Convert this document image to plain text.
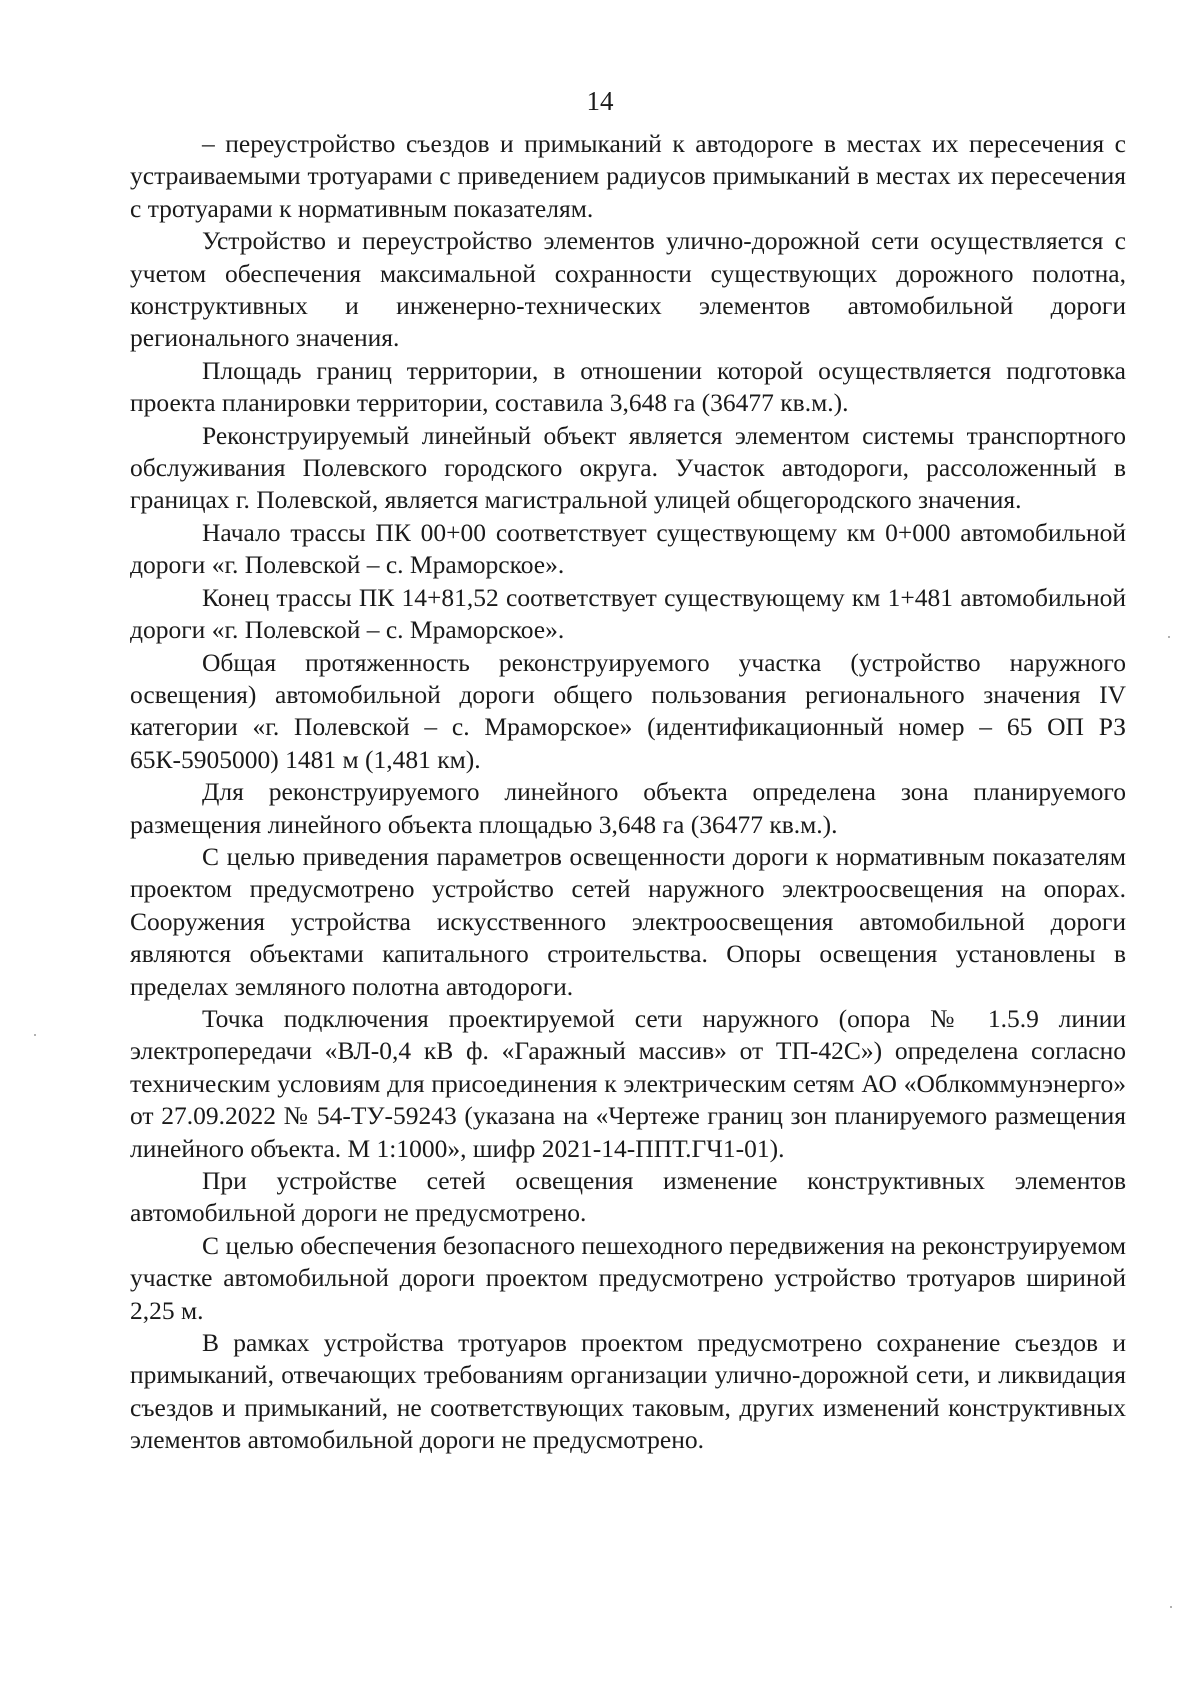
14

– переустройство съездов и примыканий к автодороге в местах их пересечения с устраиваемыми тротуарами с приведением радиусов примыканий в местах их пересечения с тротуарами к нормативным показателям.

Устройство и переустройство элементов улично-дорожной сети осуществляется с учетом обеспечения максимальной сохранности существующих дорожного полотна, конструктивных и инженерно-технических элементов автомобильной дороги регионального значения.

Площадь границ территории, в отношении которой осуществляется подготовка проекта планировки территории, составила 3,648 га (36477 кв.м.).

Реконструируемый линейный объект является элементом системы транспортного обслуживания Полевского городского округа. Участок автодороги, рассоложенный в границах г. Полевской, является магистральной улицей общегородского значения.

Начало трассы ПК 00+00 соответствует существующему км 0+000 автомобильной дороги «г. Полевской – с. Мраморское».

Конец трассы ПК 14+81,52 соответствует существующему км 1+481 автомобильной дороги «г. Полевской – с. Мраморское».

Общая протяженность реконструируемого участка (устройство наружного освещения) автомобильной дороги общего пользования регионального значения IV категории «г. Полевской – с. Мраморское» (идентификационный номер – 65 ОП РЗ 65К-5905000) 1481 м (1,481 км).

Для реконструируемого линейного объекта определена зона планируемого размещения линейного объекта площадью 3,648 га (36477 кв.м.).

С целью приведения параметров освещенности дороги к нормативным показателям проектом предусмотрено устройство сетей наружного электроосвещения на опорах. Сооружения устройства искусственного электроосвещения автомобильной дороги являются объектами капитального строительства. Опоры освещения установлены в пределах земляного полотна автодороги.

Точка подключения проектируемой сети наружного (опора № 1.5.9 линии электропередачи «ВЛ-0,4 кВ ф. «Гаражный массив» от ТП-42С») определена согласно техническим условиям для присоединения к электрическим сетям АО «Облкоммунэнерго» от 27.09.2022 № 54-ТУ-59243 (указана на «Чертеже границ зон планируемого размещения линейного объекта. М 1:1000», шифр 2021-14-ППТ.ГЧ1-01).

При устройстве сетей освещения изменение конструктивных элементов автомобильной дороги не предусмотрено.

С целью обеспечения безопасного пешеходного передвижения на реконструируемом участке автомобильной дороги проектом предусмотрено устройство тротуаров шириной 2,25 м.

В рамках устройства тротуаров проектом предусмотрено сохранение съездов и примыканий, отвечающих требованиям организации улично-дорожной сети, и ликвидация съездов и примыканий, не соответствующих таковым, других изменений конструктивных элементов автомобильной дороги не предусмотрено.
